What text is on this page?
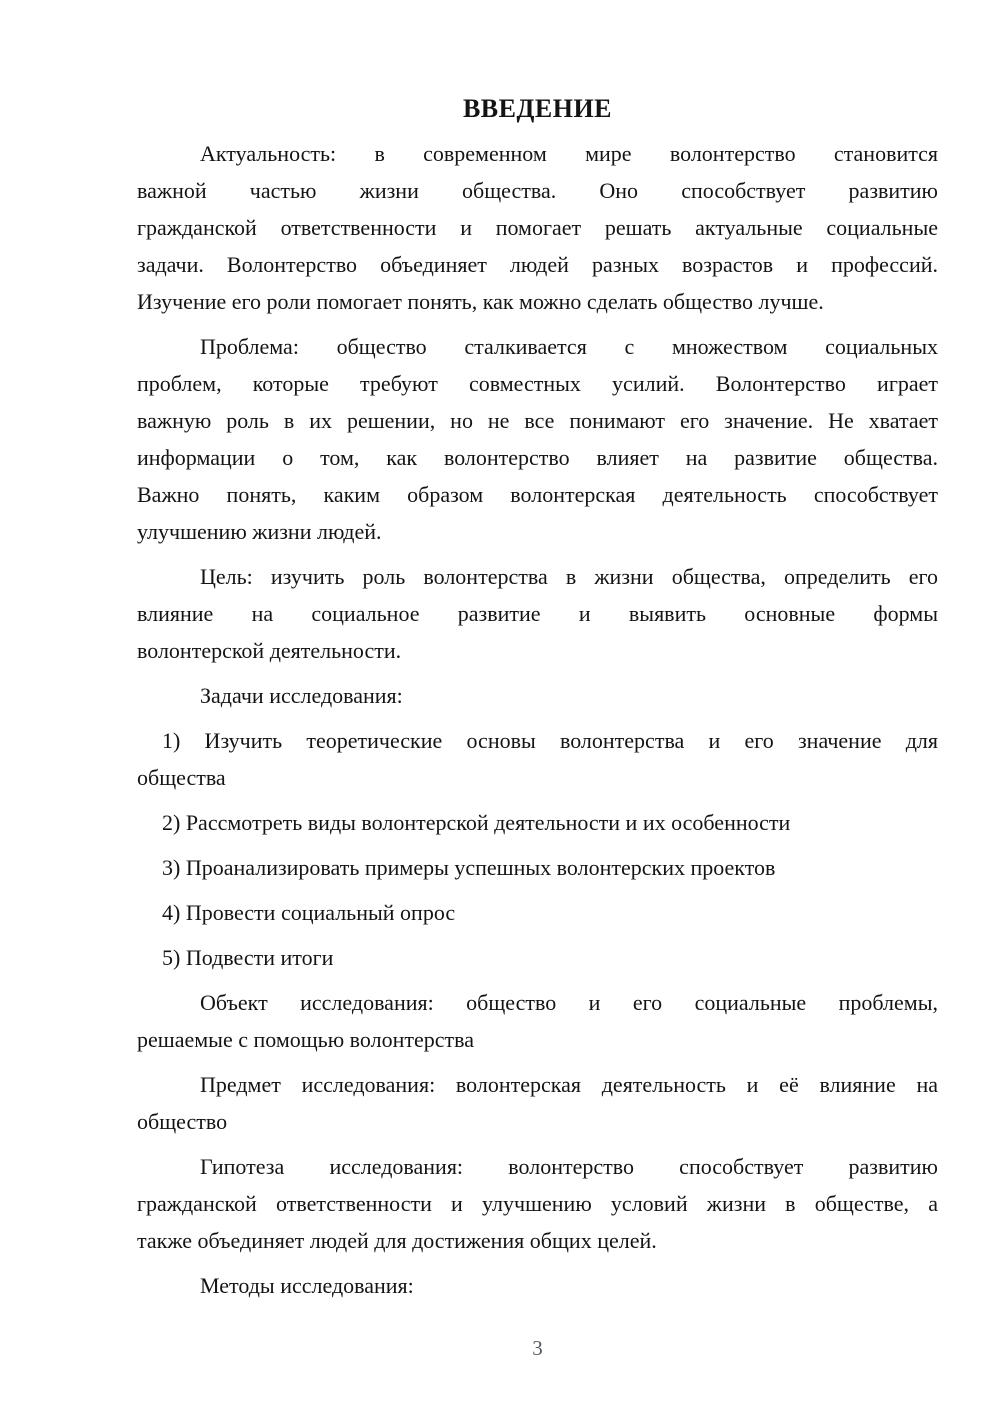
ВВЕДЕНИЕ
Актуальность: в современном мире волонтерство становится
важной частью жизни общества. Оно способствует развитию
гражданской ответственности и помогает решать актуальные социальные
задачи. Волонтерство объединяет людей разных возрастов и профессий.
Изучение его роли помогает понять, как можно сделать общество лучше.
Проблема: общество сталкивается с множеством социальных
проблем, которые требуют совместных усилий. Волонтерство играет
важную роль в их решении, но не все понимают его значение. Не хватает
информации о том, как волонтерство влияет на развитие общества.
Важно понять, каким образом волонтерская деятельность способствует
улучшению жизни людей.
Цель: изучить роль волонтерства в жизни общества, определить его
влияние на социальное развитие и выявить основные формы
волонтерской деятельности.
Задачи исследования:
1) Изучить теоретические основы волонтерства и его значение для
общества
2) Рассмотреть виды волонтерской деятельности и их особенности
3) Проанализировать примеры успешных волонтерских проектов
4) Провести социальный опрос
5) Подвести итоги
Объект исследования: общество и его социальные проблемы,
решаемые с помощью волонтерства
Предмет исследования: волонтерская деятельность и её влияние на
общество
Гипотеза исследования: волонтерство способствует развитию
гражданской ответственности и улучшению условий жизни в обществе, а
также объединяет людей для достижения общих целей.
Методы исследования:
3
